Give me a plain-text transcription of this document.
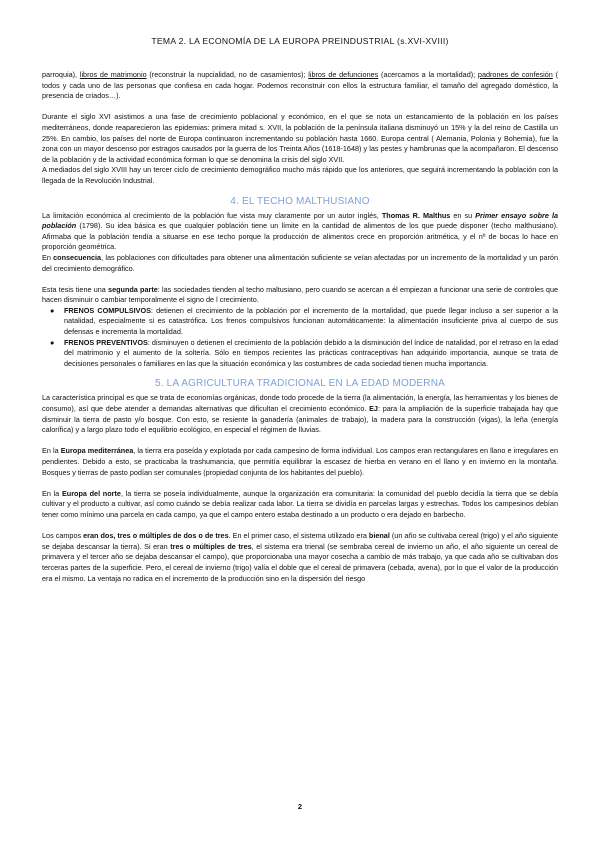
TEMA 2. LA ECONOMÍA DE LA EUROPA PREINDUSTRIAL (s.XVI-XVIII)

parroquia), libros de matrimonio (reconstruir la nupcialidad, no de casamientos); libros de defunciones (acercamos a la mortalidad); padrones de confesión ( todos y cada uno de las personas que confiesa en cada hogar. Podemos reconstruir con ellos la estructura familiar, el tamaño del agregado doméstico, la presencia de criados…).

Durante el siglo XVI asistimos a una fase de crecimiento poblacional y económico, en el que se nota un estancamiento de la población en los países mediterráneos, donde reaparecieron las epidemias: primera mitad s. XVII, la población de la península italiana disminuyó un 15% y la del reino de Castilla un 25%. En cambio, los países del norte de Europa continuaron incrementando su población hasta 1660. Europa central ( Alemania, Polonia y Bohemia), fue la zona con un mayor descenso por estragos causados por la guerra de los Treinta Años (1618-1648) y las pestes y hambrunas que la acompañaron. El descenso de la población y de la actividad económica forman lo que se denomina la crisis del siglo XVII.

A mediados del siglo XVIII hay un tercer ciclo de crecimiento demográfico mucho más rápido que los anteriores, que seguirá incrementando la población con la llegada de la Revolución Industrial.

4. EL TECHO MALTHUSIANO

La limitación económica al crecimiento de la población fue vista muy claramente por un autor inglés, Thomas R. Malthus en su Primer ensayo sobre la población (1798). Su idea básica es que cualquier población tiene un límite en la cantidad de alimentos de los que puede disponer (techo malthusiano). Afirmaba que la población tendía a situarse en ese techo porque la producción de alimentos crece en proporción aritmética, y el nº de bocas lo hace en proporción geométrica.

En consecuencia, las poblaciones con dificultades para obtener una alimentación suficiente se veían afectadas por un incremento de la mortalidad y un parón del crecimiento demográfico.

Esta tesis tiene una segunda parte: las sociedades tienden al techo maltusiano, pero cuando se acercan a él empiezan a funcionar una serie de controles que hacen disminuir o cambiar temporalmente el signo de l crecimiento.

● FRENOS COMPULSIVOS: detienen el crecimiento de la población por el incremento de la mortalidad, que puede llegar incluso a ser superior a la natalidad, especialmente si es catastrófica. Los frenos compulsivos funcionan automáticamente: la alimentación insuficiente priva al cuerpo de sus defensas e incrementa la mortalidad.

● FRENOS PREVENTIVOS: disminuyen o detienen el crecimiento de la población debido a la disminución del índice de natalidad, por el retraso en la edad del matrimonio y el aumento de la soltería. Sólo en tiempos recientes las prácticas contraceptivas han adquirido importancia, aunque se trata de decisiones personales o familiares en las que la situación económica y las costumbres de cada sociedad tienen mucha importancia.

5. LA AGRICULTURA TRADICIONAL EN LA EDAD MODERNA

La característica principal es que se trata de economías orgánicas, donde todo procede de la tierra (la alimentación, la energía, las herramientas y los bienes de consumo), así que debe atender a demandas alternativas que dificultan el crecimiento económico. EJ: para la ampliación de la superficie trabajada hay que disminuir la tierra de pasto y/o bosque. Con esto, se resiente la ganadería (animales de trabajo), la madera para la construcción (vigas), la leña (energía calorífica) y a largo plazo todo el equilibrio ecológico, en especial el régimen de lluvias.

En la Europa mediterránea, la tierra era poseída y explotada por cada campesino de forma individual. Los campos eran rectangulares en llano e irregulares en pendientes. Debido a esto, se practicaba la trashumancia, que permitía equilibrar la escasez de hierba en verano en el llano y en invierno en la montaña. Bosques y tierras de pasto podían ser comunales (propiedad conjunta de los habitantes del pueblo).

En la Europa del norte, la tierra se poseía individualmente, aunque la organización era comunitaria: la comunidad del pueblo decidía la tierra que se debía cultivar y el producto a cultivar, así como cuándo se debía realizar cada labor. La tierra se dividía en parcelas largas y estrechas. Todos los campesinos debían tener como mínimo una parcela en cada campo, ya que el campo entero estaba destinado a un producto o era dejado en barbecho.

Los campos eran dos, tres o múltiples de dos o de tres. En el primer caso, el sistema utilizado era bienal (un año se cultivaba cereal (trigo) y el año siguiente se dejaba descansar la tierra). Si eran tres o múltiples de tres, el sistema era trienal (se sembraba cereal de invierno un año, el año siguiente un cereal de primavera y el tercer año se dejaba descansar el campo), que proporcionaba una mayor cosecha a cambio de más trabajo, ya que cada año se cultivaban dos terceras partes de la superficie. Pero, el cereal de invierno (trigo) valía el doble que el cereal de primavera (cebada, avena), por lo que el valor de la producción era el mismo. La ventaja no radica en el incremento de la producción sino en la dispersión del riesgo

2
